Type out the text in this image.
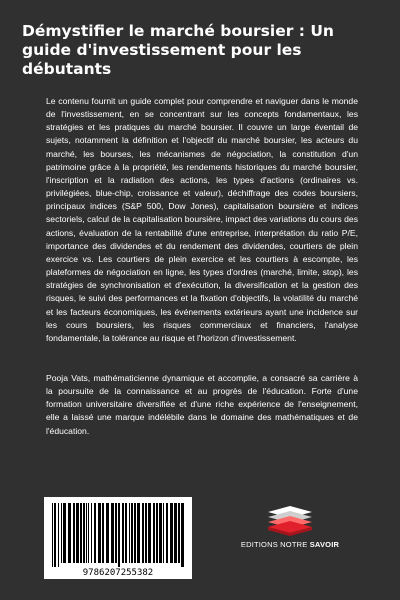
Démystifier le marché boursier : Un guide d'investissement pour les débutants

Le contenu fournit un guide complet pour comprendre et naviguer dans le monde de l'investissement, en se concentrant sur les concepts fondamentaux, les stratégies et les pratiques du marché boursier. Il couvre un large éventail de sujets, notamment la définition et l'objectif du marché boursier, les acteurs du marché, les bourses, les mécanismes de négociation, la constitution d'un patrimoine grâce à la propriété, les rendements historiques du marché boursier, l'inscription et la radiation des actions, les types d'actions (ordinaires vs. privilégiées, blue-chip, croissance et valeur), déchiffrage des codes boursiers, principaux indices (S&P 500, Dow Jones), capitalisation boursière et indices sectoriels, calcul de la capitalisation boursière, impact des variations du cours des actions, évaluation de la rentabilité d'une entreprise, interprétation du ratio P/E, importance des dividendes et du rendement des dividendes, courtiers de plein exercice vs. Les courtiers de plein exercice et les courtiers à escompte, les plateformes de négociation en ligne, les types d'ordres (marché, limite, stop), les stratégies de synchronisation et d'exécution, la diversification et la gestion des risques, le suivi des performances et la fixation d'objectifs, la volatilité du marché et les facteurs économiques, les événements extérieurs ayant une incidence sur les cours boursiers, les risques commerciaux et financiers, l'analyse fondamentale, la tolérance au risque et l'horizon d'investissement.

Pooja Vats, mathématicienne dynamique et accomplie, a consacré sa carrière à la poursuite de la connaissance et au progrès de l'éducation. Forte d'une formation universitaire diversifiée et d'une riche expérience de l'enseignement, elle a laissé une marque indélébile dans le domaine des mathématiques et de l'éducation.

EDITIONS NOTRE SAVOIR
9786207255382
